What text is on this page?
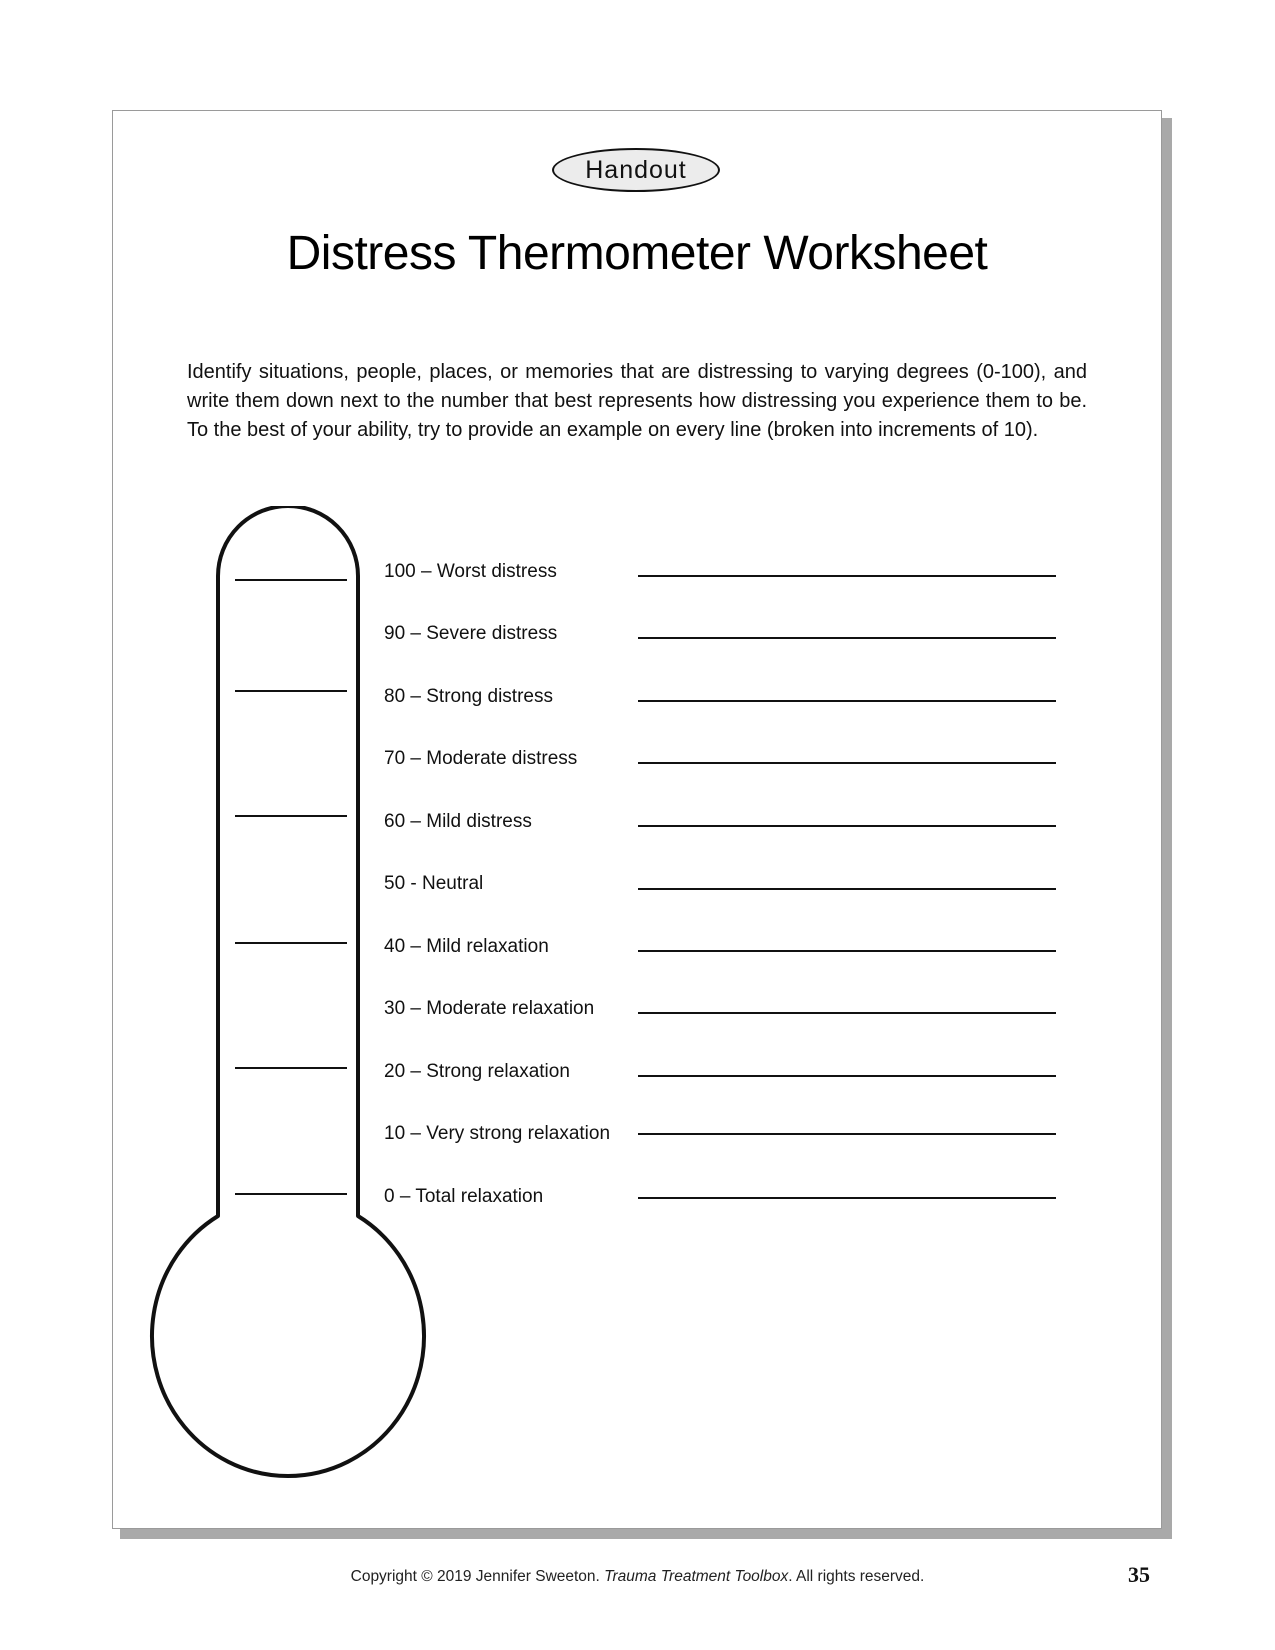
Handout
Distress Thermometer Worksheet

Identify situations, people, places, or memories that are distressing to varying degrees (0-100), and write them down next to the number that best represents how distressing you experience them to be. To the best of your ability, try to provide an example on every line (broken into increments of 10).

100 – Worst distress
90 – Severe distress
80 – Strong distress
70 – Moderate distress
60 – Mild distress
50 - Neutral
40 – Mild relaxation
30 – Moderate relaxation
20 – Strong relaxation
10 – Very strong relaxation
0 – Total relaxation
Copyright © 2019 Jennifer Sweeton. Trauma Treatment Toolbox. All rights reserved.	35
